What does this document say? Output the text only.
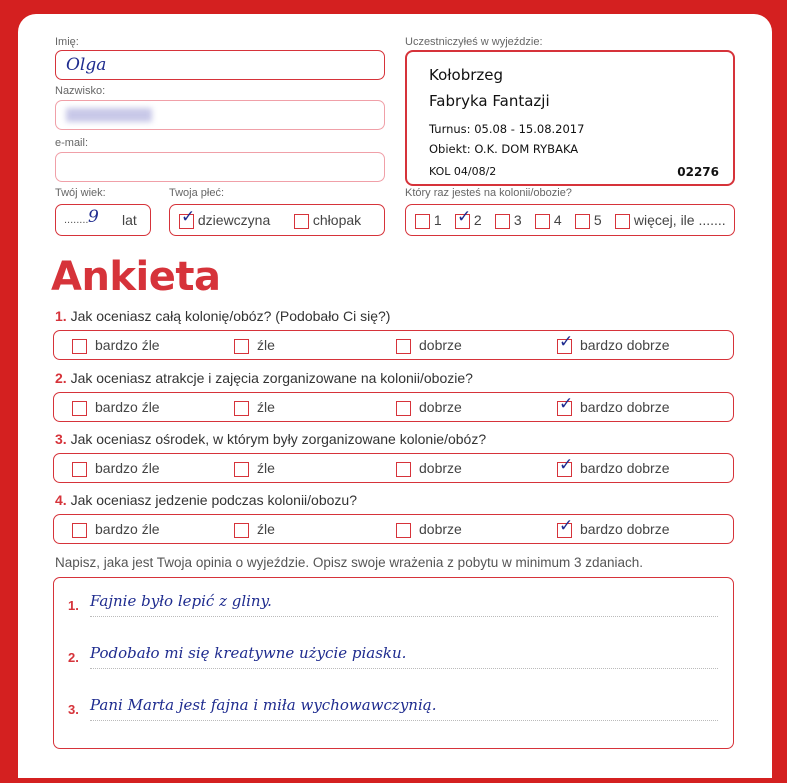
Imię:
Olga
Nazwisko:
e-mail:
Twój wiek:
........ 9 lat
Twoja płeć:
✓ dziewczyna	chłopak
Uczestniczyłeś w wyjeździe:
Kołobrzeg
Fabryka Fantazji
Turnus: 05.08 - 15.08.2017
Obiekt: O.K. DOM RYBAKA
KOL 04/08/2	02276
Który raz jesteś na kolonii/obozie?
1 ✓ 2	3	4	5	więcej, ile .......
Ankieta
1. Jak oceniasz całą kolonię/obóz? (Podobało Ci się?)
bardzo źle	źle	dobrze	✓ bardzo dobrze
2. Jak oceniasz atrakcje i zajęcia zorganizowane na kolonii/obozie?
bardzo źle	źle	dobrze	✓ bardzo dobrze
3. Jak oceniasz ośrodek, w którym były zorganizowane kolonie/obóz?
bardzo źle	źle	dobrze	✓ bardzo dobrze
4. Jak oceniasz jedzenie podczas kolonii/obozu?
bardzo źle	źle	dobrze	✓ bardzo dobrze
Napisz, jaka jest Twoja opinia o wyjeździe. Opisz swoje wrażenia z pobytu w minimum 3 zdaniach.
1. Fajnie było lepić z gliny.
2. Podobało mi się kreatywne użycie piasku.
3. Pani Marta jest fajna i miła wychowawczynią.
